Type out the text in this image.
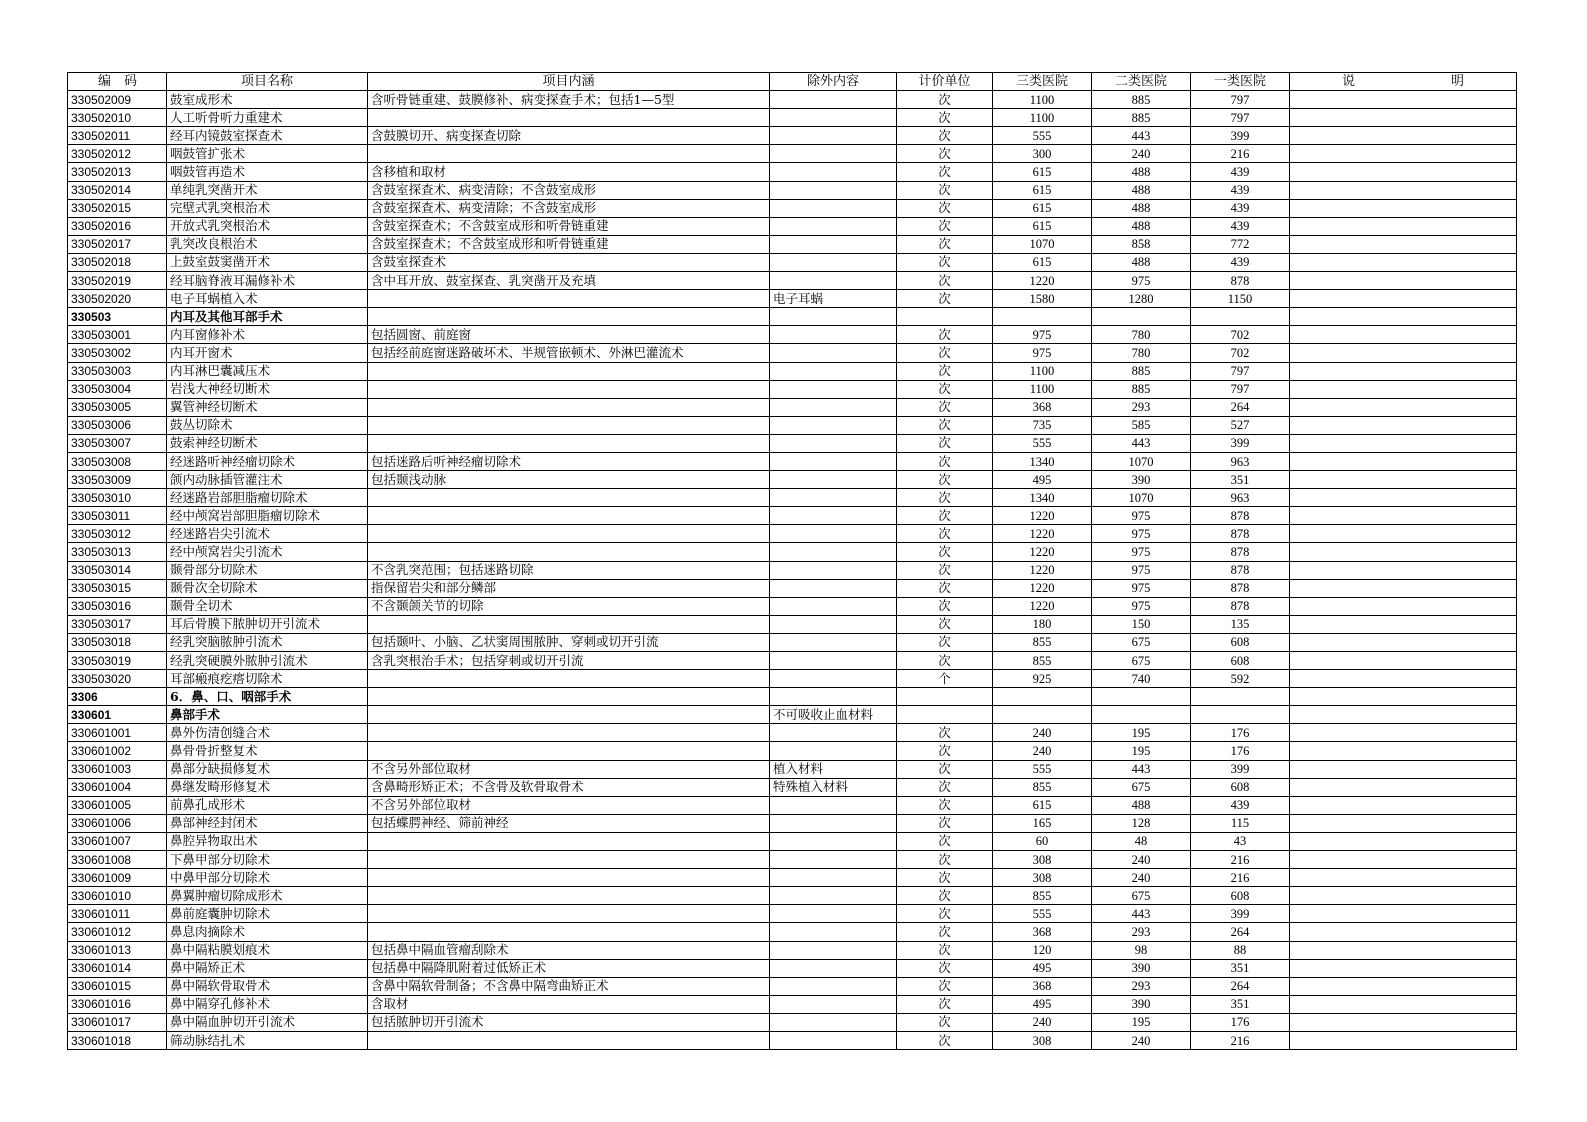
编　码	项目名称	项目内涵	除外内容	计价单位	三类医院	二类医院	一类医院	说　　　明
330502009	鼓室成形术	含听骨链重建、鼓膜修补、病变探查手术；包括1—5型		次	1100	885	797	
330502010	人工听骨听力重建术			次	1100	885	797	
330502011	经耳内镜鼓室探查术	含鼓膜切开、病变探查切除		次	555	443	399	
330502012	咽鼓管扩张术			次	300	240	216	
330502013	咽鼓管再造术	含移植和取材		次	615	488	439	
330502014	单纯乳突凿开术	含鼓室探查术、病变清除；不含鼓室成形		次	615	488	439	
330502015	完壁式乳突根治术	含鼓室探查术、病变清除；不含鼓室成形		次	615	488	439	
330502016	开放式乳突根治术	含鼓室探查术；不含鼓室成形和听骨链重建		次	615	488	439	
330502017	乳突改良根治术	含鼓室探查术；不含鼓室成形和听骨链重建		次	1070	858	772	
330502018	上鼓室鼓窦凿开术	含鼓室探查术		次	615	488	439	
330502019	经耳脑脊液耳漏修补术	含中耳开放、鼓室探查、乳突凿开及充填		次	1220	975	878	
330502020	电子耳蜗植入术		电子耳蜗	次	1580	1280	1150	
330503	内耳及其他耳部手术							
330503001	内耳窗修补术	包括圆窗、前庭窗		次	975	780	702	
330503002	内耳开窗术	包括经前庭窗迷路破坏术、半规管嵌顿术、外淋巴灌流术		次	975	780	702	
330503003	内耳淋巴囊减压术			次	1100	885	797	
330503004	岩浅大神经切断术			次	1100	885	797	
330503005	翼管神经切断术			次	368	293	264	
330503006	鼓丛切除术			次	735	585	527	
330503007	鼓索神经切断术			次	555	443	399	
330503008	经迷路听神经瘤切除术	包括迷路后听神经瘤切除术		次	1340	1070	963	
330503009	颌内动脉插管灌注术	包括颞浅动脉		次	495	390	351	
330503010	经迷路岩部胆脂瘤切除术			次	1340	1070	963	
330503011	经中颅窝岩部胆脂瘤切除术			次	1220	975	878	
330503012	经迷路岩尖引流术			次	1220	975	878	
330503013	经中颅窝岩尖引流术			次	1220	975	878	
330503014	颞骨部分切除术	不含乳突范围；包括迷路切除		次	1220	975	878	
330503015	颞骨次全切除术	指保留岩尖和部分鳞部		次	1220	975	878	
330503016	颞骨全切术	不含颞颌关节的切除		次	1220	975	878	
330503017	耳后骨膜下脓肿切开引流术			次	180	150	135	
330503018	经乳突脑脓肿引流术	包括颞叶、小脑、乙状窦周围脓肿、穿刺或切开引流		次	855	675	608	
330503019	经乳突硬膜外脓肿引流术	含乳突根治手术；包括穿刺或切开引流		次	855	675	608	
330503020	耳部瘢痕疙瘩切除术			个	925	740	592	
3306	6．鼻、口、咽部手术							
330601	鼻部手术		不可吸收止血材料					
330601001	鼻外伤清创缝合术			次	240	195	176	
330601002	鼻骨骨折整复术			次	240	195	176	
330601003	鼻部分缺损修复术	不含另外部位取材	植入材料	次	555	443	399	
330601004	鼻继发畸形修复术	含鼻畸形矫正术；不含骨及软骨取骨术	特殊植入材料	次	855	675	608	
330601005	前鼻孔成形术	不含另外部位取材		次	615	488	439	
330601006	鼻部神经封闭术	包括蝶腭神经、筛前神经		次	165	128	115	
330601007	鼻腔异物取出术			次	60	48	43	
330601008	下鼻甲部分切除术			次	308	240	216	
330601009	中鼻甲部分切除术			次	308	240	216	
330601010	鼻翼肿瘤切除成形术			次	855	675	608	
330601011	鼻前庭囊肿切除术			次	555	443	399	
330601012	鼻息肉摘除术			次	368	293	264	
330601013	鼻中隔粘膜划痕术	包括鼻中隔血管瘤刮除术		次	120	98	88	
330601014	鼻中隔矫正术	包括鼻中隔降肌附着过低矫正术		次	495	390	351	
330601015	鼻中隔软骨取骨术	含鼻中隔软骨制备；不含鼻中隔弯曲矫正术		次	368	293	264	
330601016	鼻中隔穿孔修补术	含取材		次	495	390	351	
330601017	鼻中隔血肿切开引流术	包括脓肿切开引流术		次	240	195	176	
330601018	筛动脉结扎术			次	308	240	216	
